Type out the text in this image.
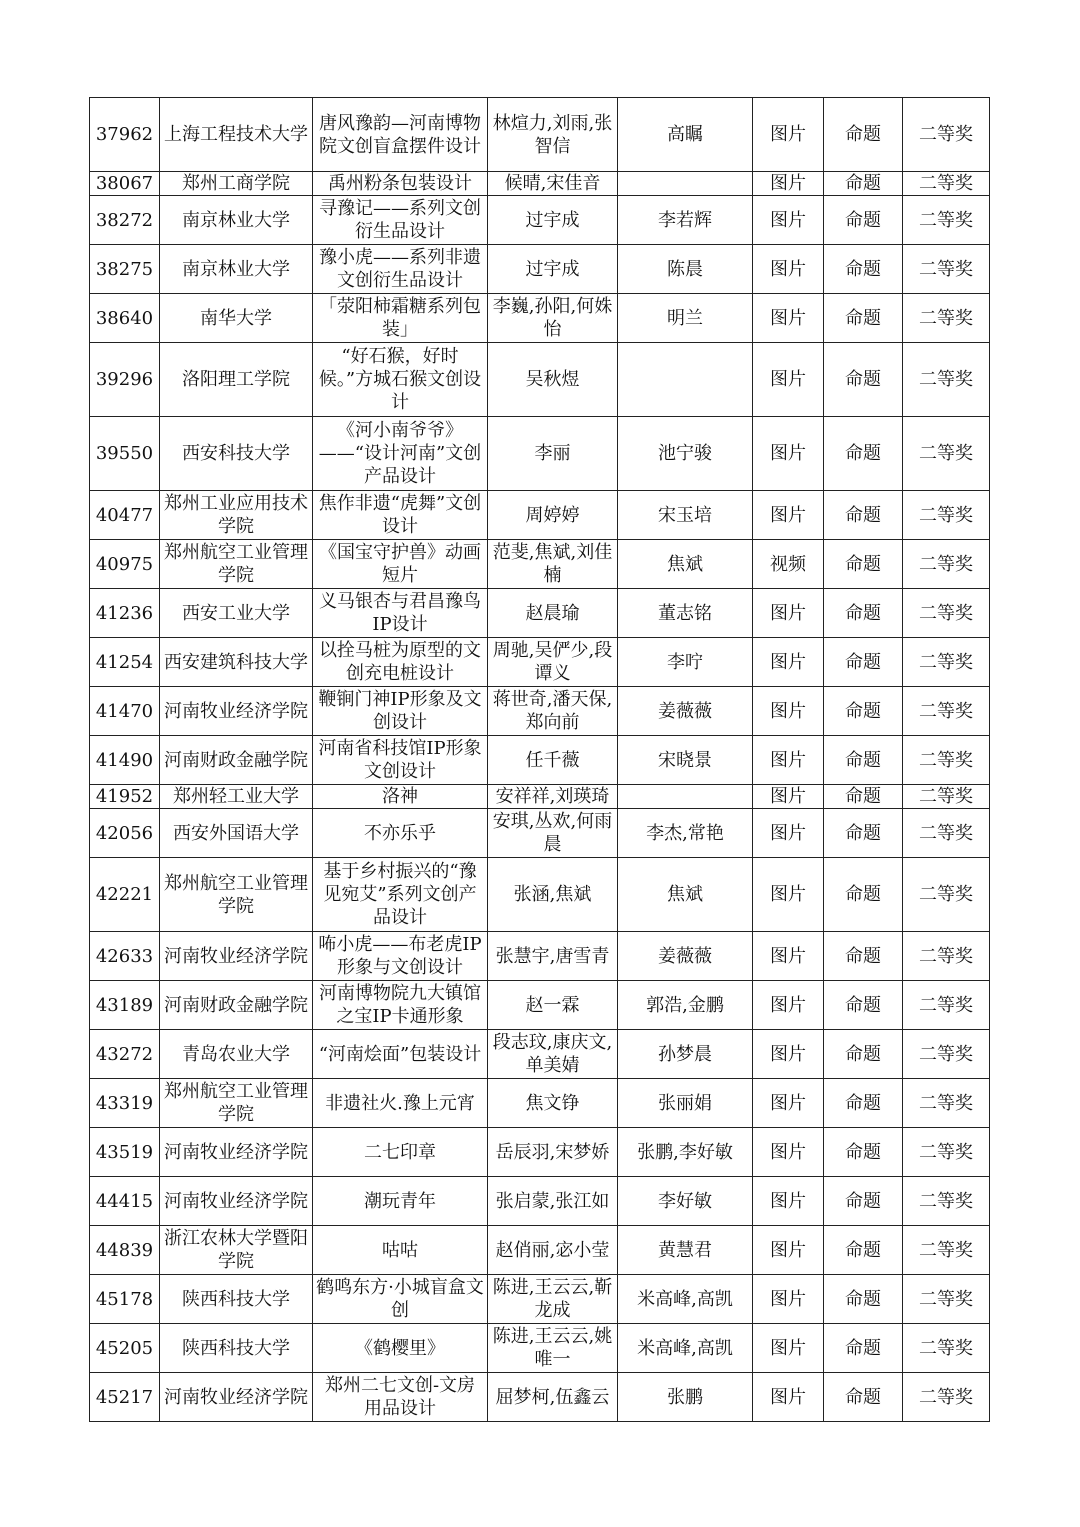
37962	上海工程技术大学	唐风豫韵—河南博物院文创盲盒摆件设计	林煊力,刘雨,张智信	高瞩	图片	命题	二等奖
38067	郑州工商学院	禹州粉条包装设计	候晴,宋佳音		图片	命题	二等奖
38272	南京林业大学	寻豫记——系列文创衍生品设计	过宇成	李若辉	图片	命题	二等奖
38275	南京林业大学	豫小虎——系列非遗文创衍生品设计	过宇成	陈晨	图片	命题	二等奖
38640	南华大学	「荥阳柿霜糖系列包装」	李巍,孙阳,何姝怡	明兰	图片	命题	二等奖
39296	洛阳理工学院	“好石猴，好时候。”方城石猴文创设计	吴秋煜		图片	命题	二等奖
39550	西安科技大学	《河小南爷爷》——“设计河南”文创产品设计	李丽	池宁骏	图片	命题	二等奖
40477	郑州工业应用技术学院	焦作非遗“虎舞”文创设计	周婷婷	宋玉培	图片	命题	二等奖
40975	郑州航空工业管理学院	《国宝守护兽》动画短片	范斐,焦斌,刘佳楠	焦斌	视频	命题	二等奖
41236	西安工业大学	义马银杏与君昌豫鸟IP设计	赵晨瑜	董志铭	图片	命题	二等奖
41254	西安建筑科技大学	以拴马桩为原型的文创充电桩设计	周驰,吴俨少,段谭义	李咛	图片	命题	二等奖
41470	河南牧业经济学院	鞭锏门神IP形象及文创设计	蒋世奇,潘天保,郑向前	姜薇薇	图片	命题	二等奖
41490	河南财政金融学院	河南省科技馆IP形象文创设计	任千薇	宋晓景	图片	命题	二等奖
41952	郑州轻工业大学	洛神	安祥祥,刘瑛琦		图片	命题	二等奖
42056	西安外国语大学	不亦乐乎	安琪,丛欢,何雨晨	李杰,常艳	图片	命题	二等奖
42221	郑州航空工业管理学院	基于乡村振兴的“豫见宛艾”系列文创产品设计	张涵,焦斌	焦斌	图片	命题	二等奖
42633	河南牧业经济学院	咘小虎——布老虎IP形象与文创设计	张慧宇,唐雪青	姜薇薇	图片	命题	二等奖
43189	河南财政金融学院	河南博物院九大镇馆之宝IP卡通形象	赵一霖	郭浩,金鹏	图片	命题	二等奖
43272	青岛农业大学	“河南烩面”包装设计	段志玟,康庆文,单美婧	孙梦晨	图片	命题	二等奖
43319	郑州航空工业管理学院	非遗社火.豫上元宵	焦文铮	张丽娟	图片	命题	二等奖
43519	河南牧业经济学院	二七印章	岳辰羽,宋梦娇	张鹏,李好敏	图片	命题	二等奖
44415	河南牧业经济学院	潮玩青年	张启蒙,张江如	李好敏	图片	命题	二等奖
44839	浙江农林大学暨阳学院	咕咕	赵俏丽,宓小莹	黄慧君	图片	命题	二等奖
45178	陕西科技大学	鹤鸣东方·小城盲盒文创	陈进,王云云,靳龙成	米高峰,高凯	图片	命题	二等奖
45205	陕西科技大学	《鹤樱里》	陈进,王云云,姚唯一	米高峰,高凯	图片	命题	二等奖
45217	河南牧业经济学院	郑州二七文创-文房用品设计	屈梦柯,伍鑫云	张鹏	图片	命题	二等奖
